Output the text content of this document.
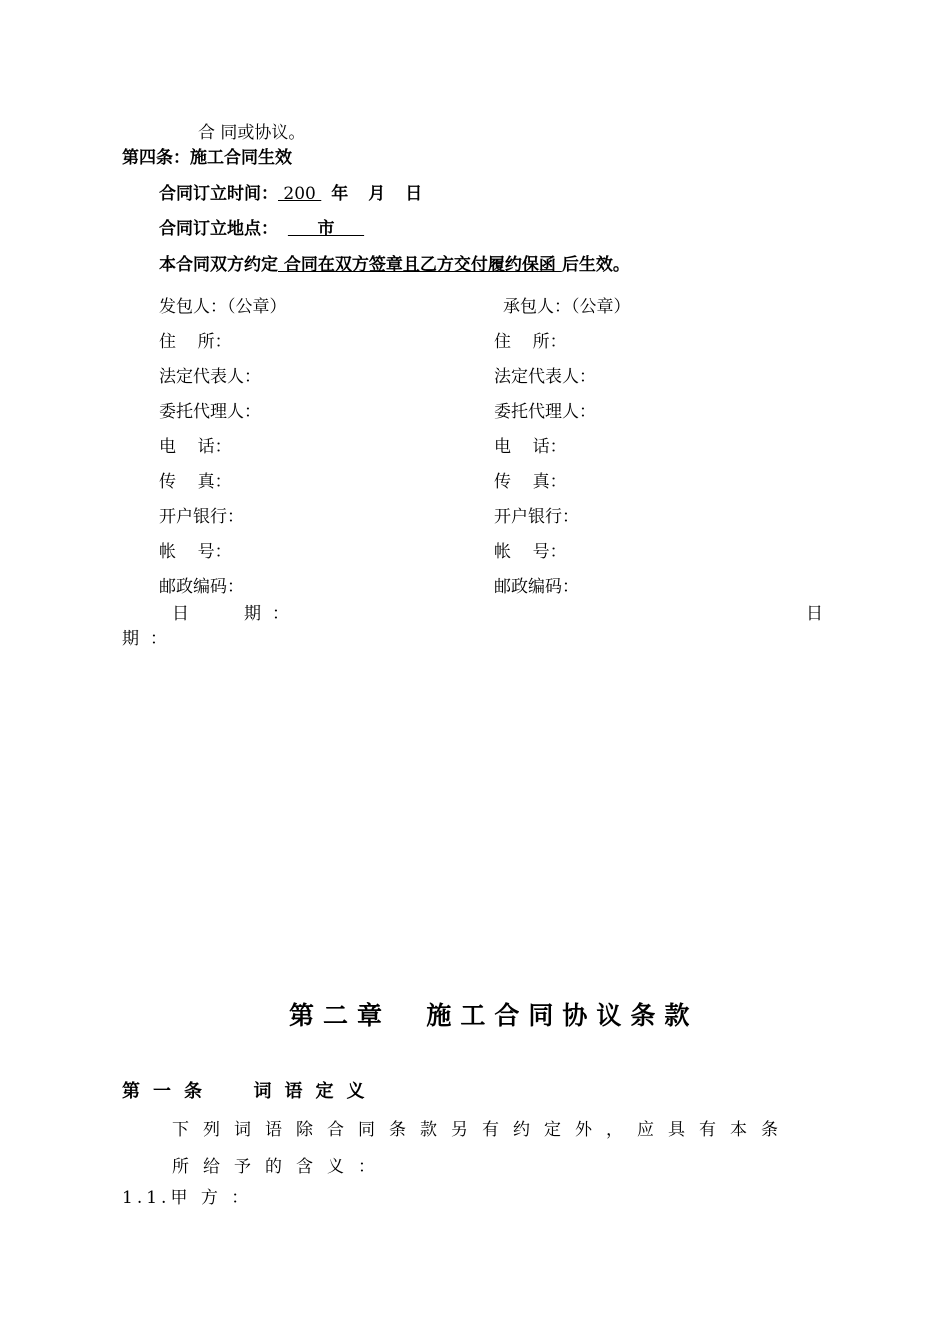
合 同或协议。
第四条：施工合同生效
合同订立时间： 200 年 月 日
合同订立地点：     市
本合同双方约定 合同在双方签章且乙方交付履约保函 后生效。
发包人：（公章）
住    所：
法定代表人：
委托代理人：
电    话：
传    真：
开户银行：
帐    号：
邮政编码：
承包人：（公章）
住    所：
法定代表人：
委托代理人：
电    话：
传    真：
开户银行：
帐    号：
邮政编码：
日	期 ：	日
期 ：
第二章  施工合同协议条款
第一条  词语定义
下列词语除合同条款另有约定外，应具有本条
所给予的含义：
1.1.甲 方 ：
